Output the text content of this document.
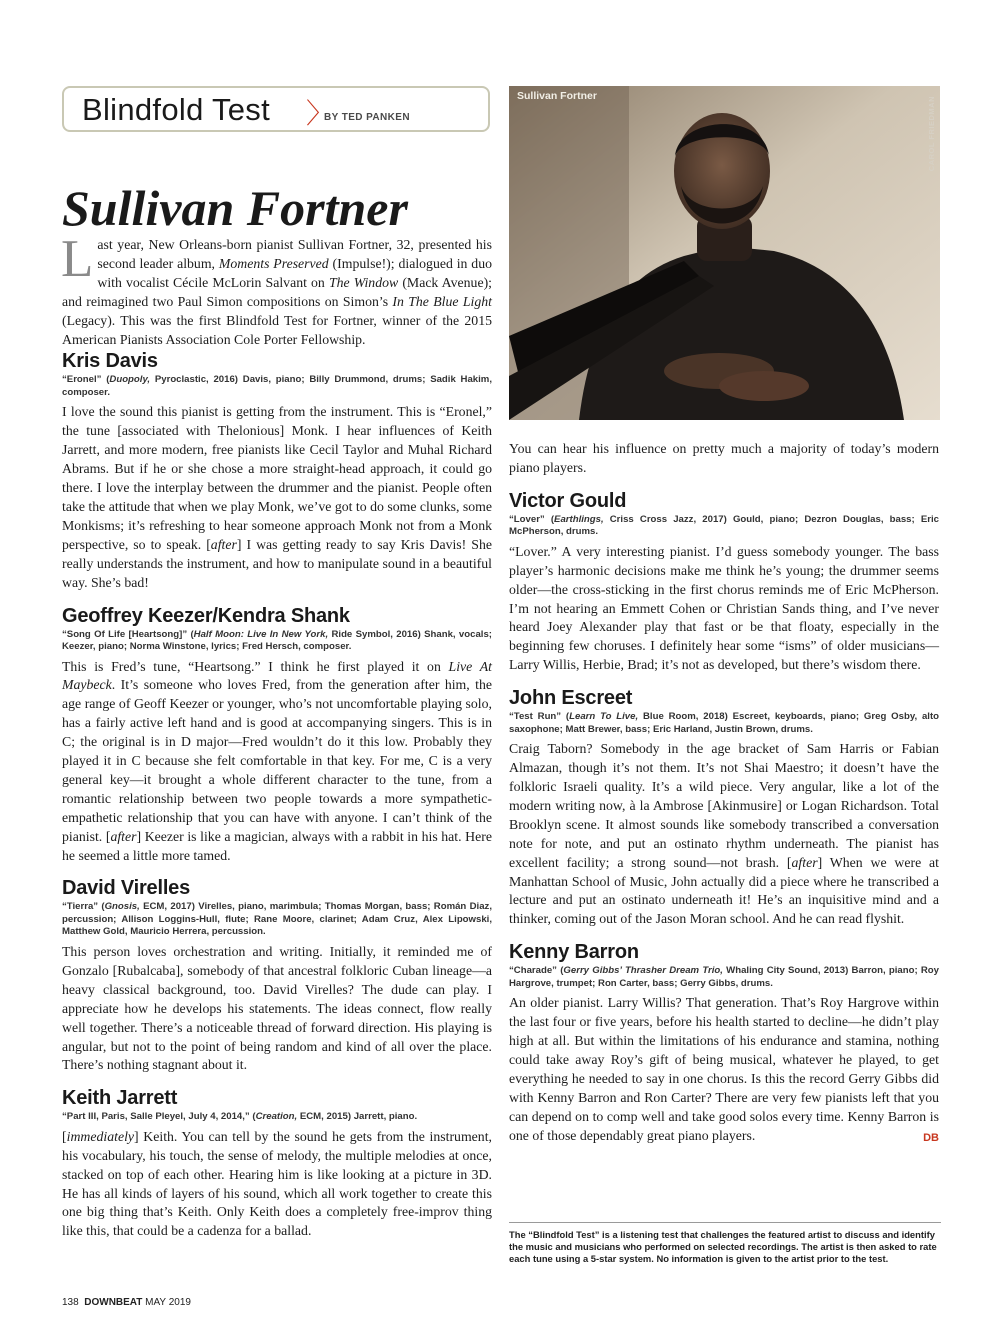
Blindfold Test 〉
BY TED PANKEN
Sullivan Fortner
Sullivan Fortner	CAROL FRIEDMAN

Last year, New Orleans-born pianist Sullivan Fortner, 32, presented his second leader album, Moments Preserved (Impulse!); dialogued in duo with vocalist Cécile McLorin Salvant on The Window (Mack Avenue); and reimagined two Paul Simon compositions on Simon’s In The Blue Light (Legacy). This was the first Blindfold Test for Fortner, winner of the 2015 American Pianists Association Cole Porter Fellowship.

Kris Davis
“Eronel” (Duopoly, Pyroclastic, 2016) Davis, piano; Billy Drummond, drums; Sadik Hakim, composer.

I love the sound this pianist is getting from the instrument. This is “Eronel,” the tune [associated with Thelonious] Monk. I hear influences of Keith Jarrett, and more modern, free pianists like Cecil Taylor and Muhal Richard Abrams. But if he or she chose a more straight-head approach, it could go there. I love the interplay between the drummer and the pianist. People often take the attitude that when we play Monk, we’ve got to do some clunks, some Monkisms; it’s refreshing to hear someone approach Monk not from a Monk perspective, so to speak. [after] I was getting ready to say Kris Davis! She really understands the instrument, and how to manipulate sound in a beautiful way. She’s bad!

Geoffrey Keezer/Kendra Shank
“Song Of Life [Heartsong]” (Half Moon: Live In New York, Ride Symbol, 2016) Shank, vocals; Keezer, piano; Norma Winstone, lyrics; Fred Hersch, composer.

This is Fred’s tune, “Heartsong.” I think he first played it on Live At Maybeck. It’s someone who loves Fred, from the generation after him, the age range of Geoff Keezer or younger, who’s not uncomfortable playing solo, has a fairly active left hand and is good at accompanying singers. This is in C; the original is in D major—Fred wouldn’t do it this low. Probably they played it in C because she felt comfortable in that key. For me, C is a very general key—it brought a whole different character to the tune, from a romantic relationship between two people towards a more sympathetic-empathetic relationship that you can have with anyone. I can’t think of the pianist. [after] Keezer is like a magician, always with a rabbit in his hat. Here he seemed a little more tamed.

David Virelles
“Tierra” (Gnosis, ECM, 2017) Virelles, piano, marimbula; Thomas Morgan, bass; Román Diaz, percussion; Allison Loggins-Hull, flute; Rane Moore, clarinet; Adam Cruz, Alex Lipowski, Matthew Gold, Mauricio Herrera, percussion.

This person loves orchestration and writing. Initially, it reminded me of Gonzalo [Rubalcaba], somebody of that ancestral folkloric Cuban lineage—a heavy classical background, too. David Virelles? The dude can play. I appreciate how he develops his statements. The ideas connect, flow really well together. There’s a noticeable thread of forward direction. His playing is angular, but not to the point of being random and kind of all over the place. There’s nothing stagnant about it.

Keith Jarrett
“Part III, Paris, Salle Pleyel, July 4, 2014,” (Creation, ECM, 2015) Jarrett, piano.

[immediately] Keith. You can tell by the sound he gets from the instrument, his vocabulary, his touch, the sense of melody, the multiple melodies at once, stacked on top of each other. Hearing him is like looking at a picture in 3D. He has all kinds of layers of his sound, which all work together to create this one big thing that’s Keith. Only Keith does a completely free-improv thing like this, that could be a cadenza for a ballad.

You can hear his influence on pretty much a majority of today’s modern piano players.

Victor Gould
“Lover” (Earthlings, Criss Cross Jazz, 2017) Gould, piano; Dezron Douglas, bass; Eric McPherson, drums.

“Lover.” A very interesting pianist. I’d guess somebody younger. The bass player’s harmonic decisions make me think he’s young; the drummer seems older—the cross-sticking in the first chorus reminds me of Eric McPherson. I’m not hearing an Emmett Cohen or Christian Sands thing, and I’ve never heard Joey Alexander play that fast or be that floaty, especially in the beginning few choruses. I definitely hear some “isms” of older musicians—Larry Willis, Herbie, Brad; it’s not as developed, but there’s wisdom there.

John Escreet
“Test Run” (Learn To Live, Blue Room, 2018) Escreet, keyboards, piano; Greg Osby, alto saxophone; Matt Brewer, bass; Eric Harland, Justin Brown, drums.

Craig Taborn? Somebody in the age bracket of Sam Harris or Fabian Almazan, though it’s not them. It’s not Shai Maestro; it doesn’t have the folkloric Israeli quality. It’s a wild piece. Very angular, like a lot of the modern writing now, à la Ambrose [Akinmusire] or Logan Richardson. Total Brooklyn scene. It almost sounds like somebody transcribed a conversation note for note, and put an ostinato rhythm underneath. The pianist has excellent facility; a strong sound—not brash. [after] When we were at Manhattan School of Music, John actually did a piece where he transcribed a lecture and put an ostinato underneath it! He’s an inquisitive mind and a thinker, coming out of the Jason Moran school. And he can read flyshit.

Kenny Barron
“Charade” (Gerry Gibbs’ Thrasher Dream Trio, Whaling City Sound, 2013) Barron, piano; Roy Hargrove, trumpet; Ron Carter, bass; Gerry Gibbs, drums.

An older pianist. Larry Willis? That generation. That’s Roy Hargrove within the last four or five years, before his health started to decline—he didn’t play high at all. But within the limitations of his endurance and stamina, nothing could take away Roy’s gift of being musical, whatever he played, to get everything he needed to say in one chorus. Is this the record Gerry Gibbs did with Kenny Barron and Ron Carter? There are very few pianists left that you can depend on to comp well and take good solos every time. Kenny Barron is one of those dependably great piano players.	DB

The “Blindfold Test” is a listening test that challenges the featured artist to discuss and identify the music and musicians who performed on selected recordings. The artist is then asked to rate each tune using a 5-star system. No information is given to the artist prior to the test.

138 DOWNBEAT MAY 2019
